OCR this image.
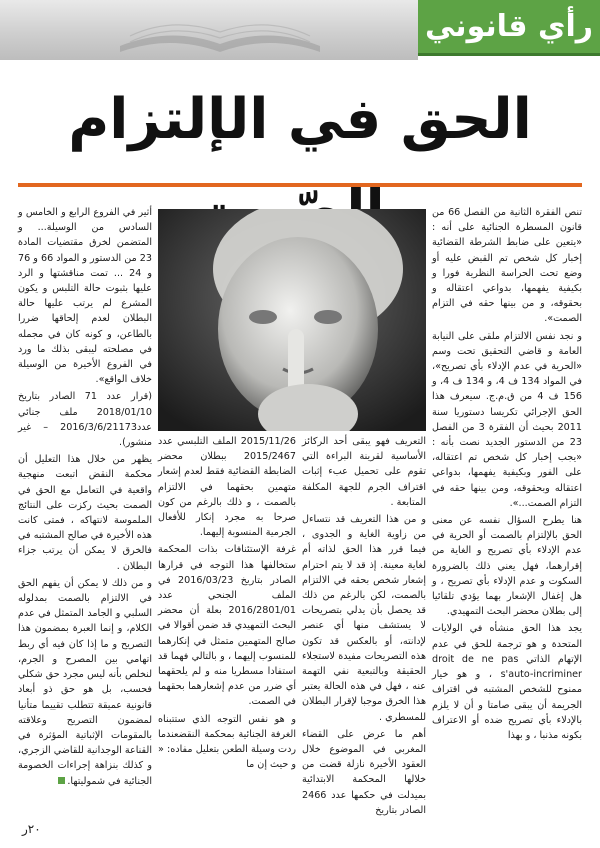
رأي قانوني
الحق في الإلتزام

تنص الفقرة الثانية من الفصل 66 من قانون المسطرة الجنائية على أنه : «يتعين على ضابط الشرطة القضائية إخبار كل شخص تم القبض عليه أو وضع تحت الحراسة النظرية فورا و بكيفية يفهمها، بدواعي اعتقاله و بحقوقه، و من بينها حقه في التزام الصمت».

و نجد نفس الالتزام ملقى على النيابة العامة و قاضي التحقيق تحت وسم «الحرية في عدم الإدلاء بأي تصريح»، في المواد 134 ف 4، و 134 ف 4، و 156 ف 4 من ق.م.ج. سيعرف هذا الحق الإجرائي تكريسا دستوريا سنة 2011 بحيث أن الفقرة 3 من الفصل 23 من الدستور الجديد نصت بأنه : «يجب إخبار كل شخص تم اعتقاله، على الفور وبكيفية يفهمها، بدواعي اعتقاله وبحقوقه، ومن بينها حقه في التزام الصمت...».

هنا يطرح السؤال نفسه عن معنى الحق بالإلتزام بالصمت أو الحرية في عدم الإدلاء بأي تصريح و الغاية من إقرارهما، فهل يعني ذلك بالضرورة السكوت و عدم الإدلاء بأي تصريح ، و هل إغفال الإشعار بهما يؤدي تلقائيا إلى بطلان محضر البحث التمهيدي.

يجد هذا الحق منشأه في الولايات المتحدة و هو ترجمة للحق في عدم الإتهام الذاتي droit de ne pas s'auto-incriminer ، و هو خيار ممنوح للشخص المشتبه في اقتراف الجريمة أن يبقى صامتا و أن لا يلزم بالإدلاء بأي تصريح ضده أو الاعتراف بكونه مذنبا ، و بهذا

التعريف فهو يبقى أحد الركائز الأساسية لقرينة البراءة التي تقوم على تحميل عبء إثبات اقتراف الجرم للجهة المكلفة المتابعة .

و من هذا التعريف قد نتساءل من زاوية الغاية و الجدوى ، فيما قرر هذا الحق لذاته أم لغاية معينة. إذ قد لا يتم احترام إشعار شخص بحقه في الالتزام بالصمت، لكن بالرغم من ذلك قد يحصل بأن يدلي بتصريحات لا يستشف منها أي عنصر لإدانته، أو بالعكس قد تكون هذه التصريحات مفيدة لاستجلاء الحقيقة وبالتبعية نفي التهمة عنه ، فهل في هذه الحالة يعتبر هذا الخرق موجبا لإقرار البطلان للمسطري .

أهم ما عرض على القضاء المغربي في الموضوع خلال العقود الأخيرة نازلة قضت من خلالها المحكمة الابتدائية بميدلت في حكمها عدد 2466 الصادر بتاريخ

2015/11/26 الملف التلبسي عدد 2015/2467 ببطلان محضر الضابطة القضائية فقط لعدم إشعار متهمين بحقهما في الالتزام بالصمت ، و ذلك بالرغم من كون صرحا به مجرد إنكار للأفعال الجرمية المنسوبة إليهما.

غرفة الإستئنافات بذات المحكمة ستخالفها هذا التوجه في قرارها الصادر بتاريخ 2016/03/23 في الملف الجنحي عدد 2016/2801/01 بعلة أن محضر البحث التمهيدي قد ضمن أقوالا في صالح المتهمين متمثل في إنكارهما للمنسوب إليهما ، و بالتالي فهما قد استفادا مسطريا منه و لم يلحقهما أي ضرر من عدم إشعارهما بحقهما في الصمت.

و هو نفس التوجه الذي ستتبناه الغرفة الجنائية بمحكمة النقضعندما ردت وسيلة الطعن بتعليل مفاده: « و حيث إن ما

أثير في الفروع الرابع و الخامس و السادس من الوسيلة... و المتضمن لخرق مقتضيات المادة 23 من الدستور و المواد 66 و 76 و 24 ... تمت مناقشتها و الرد عليها بثبوت حالة التلبس و يكون المشرع لم يرتب عليها حالة البطلان لعدم إلحاقها ضررا بالطاعن، و كونه كان في مجمله في مصلحته ليبقى بذلك ما ورد في الفروع الأخيرة من الوسيلة خلاف الواقع».

(قرار عدد 71 الصادر بتاريخ 2018/01/10 ملف جنائي عدد2016/3/6/21173 – غير منشور).

يظهر من خلال هذا التعليل أن محكمة النقض اتبعت منهجية واقعية في التعامل مع الحق في الصمت بحيث ركزت على النتائج الملموسة لانتهاكه ، فمتى كانت هذه الأخيرة في صالح المشتبه في فالخرق لا يمكن أن يرتب جزاء البطلان .

و من ذلك لا يمكن أن يفهم الحق في الالتزام بالصمت بمدلوله السلبي و الجامد المتمثل في عدم الكلام، و إنما العبرة بمضمون هذا التصريح و ما إذا كان فيه أي ربط اتهامي بين المصرح و الجرم، لنخلص بأنه ليس مجرد حق شكلي فحسب، بل هو حق ذو أبعاد قانونية عميقة تتطلب تقييما متأنيا لمضمون التصريح وعلاقته بالمقومات الإثباتية المؤثرة في القناعة الوجدانية للقاضي الزجري، و كذلك بنزاهة إجراءات الخصومة الجنائية في شموليتها.

٢٠ر
